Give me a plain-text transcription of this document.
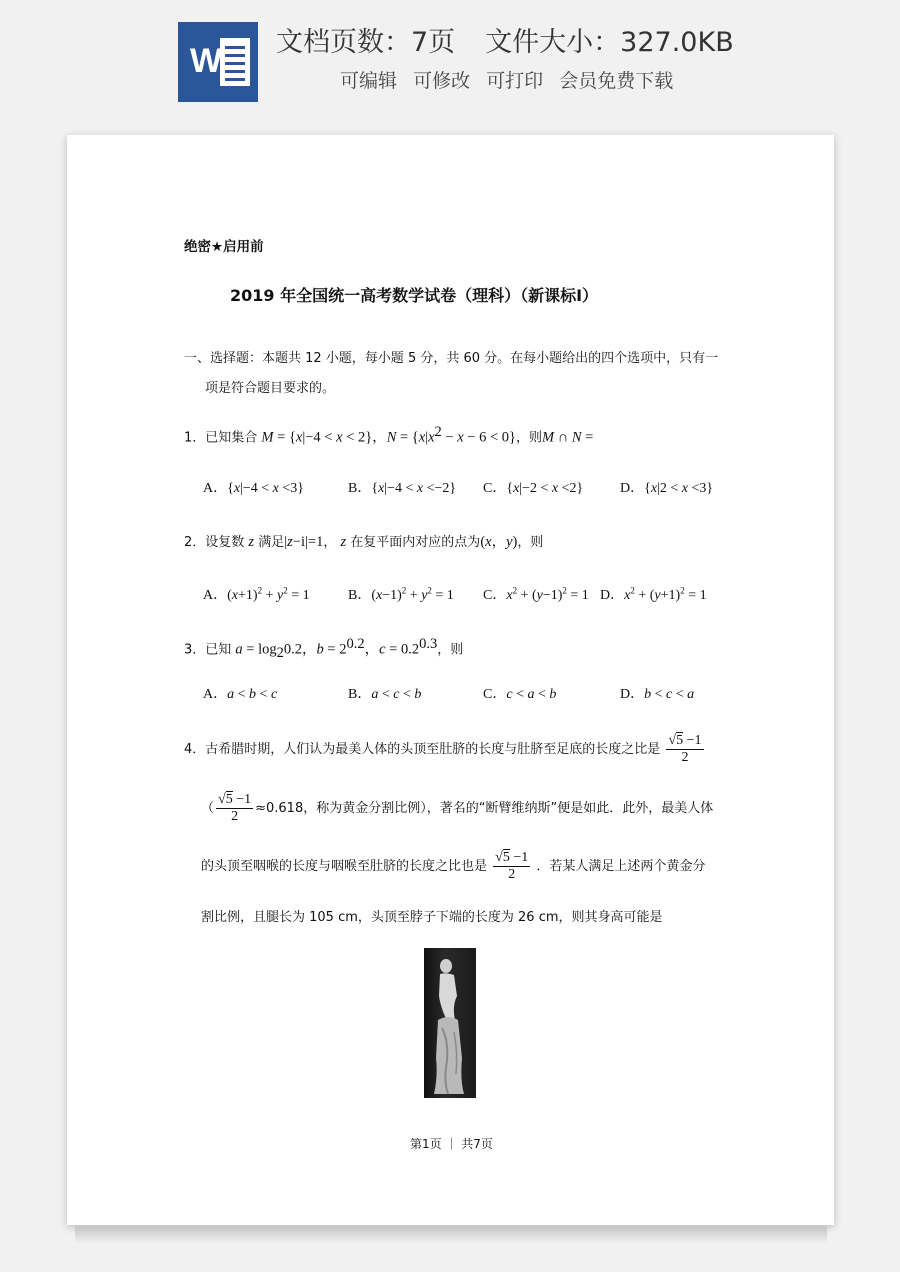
W 文档页数：7页 文件大小：327.0KB
可编辑 可修改 可打印 会员免费下载
绝密★启用前
2019 年全国统一高考数学试卷（理科）（新课标Ⅰ）
一、选择题：本题共 12 小题，每小题 5 分，共 60 分。在每小题给出的四个选项中，只有一
项是符合题目要求的。
1．已知集合 M = {x|−4 < x < 2}，$N = \{x|x^2 - x - 6 < 0\}$，则M ∩ N =
A．{x|−4 < x <3}	B．{x|−4 < x <−2} C．{x|−2 < x <2}	D．{x|2 < x <3}
2．设复数 z 满足|z−i|=1， z 在复平面内对应的点为(x，y)，则
A．$(x+1)^2 + y^2 = 1$	B．$(x-1)^2 + y^2 = 1$ C．$x^2 + (y-1)^2 = 1$ D．$x^2 + (y+1)^2 = 1$
3．已知 $a = \log_20.2$，$b = 2^{0.2}$，$c = 0.2^{0.3}$，则
A．a < b < c	B．a < c < b	C．c < a < b	D．b < c < a
4．古希腊时期，人们认为最美人体的头顶至肚脐的长度与肚脐至足底的长度之比是 $\frac{√5 -1}{2}$
（ $\frac{√5 -1}{2} \approx 0.618$，称为黄金分割比例），著名的“断臂维纳斯”便是如此．此外，最美人体
的头顶至咽喉的长度与咽喉至肚脐的长度之比也是 $\frac{√5 -1}{2}$ ．若某人满足上述两个黄金分
割比例，且腿长为 105 cm，头顶至脖子下端的长度为 26 cm，则其身高可能是
第1页 ｜ 共7页
